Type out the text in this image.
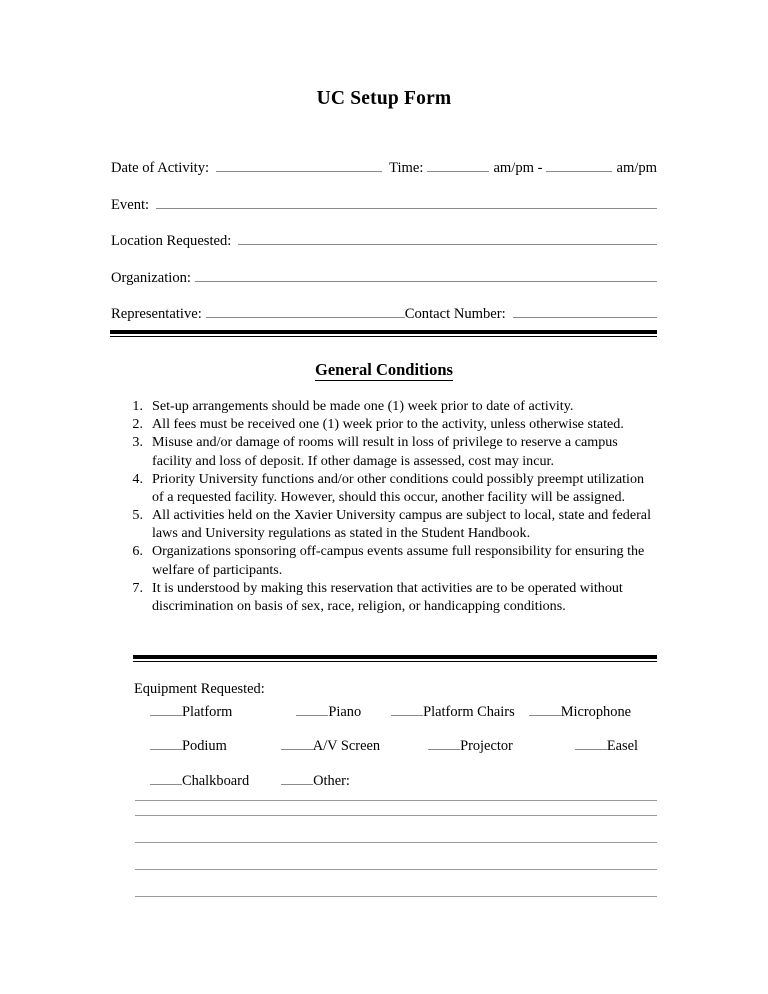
UC Setup Form
Date of Activity:	Time:	am/pm -	am/pm
Event:
Location Requested:
Organization:
Representative:	Contact Number:
General Conditions
1. Set-up arrangements should be made one (1) week prior to date of activity.
2. All fees must be received one (1) week prior to the activity, unless otherwise stated.
3. Misuse and/or damage of rooms will result in loss of privilege to reserve a campus facility and loss of deposit. If other damage is assessed, cost may incur.
4. Priority University functions and/or other conditions could possibly preempt utilization of a requested facility. However, should this occur, another facility will be assigned.
5. All activities held on the Xavier University campus are subject to local, state and federal laws and University regulations as stated in the Student Handbook.
6. Organizations sponsoring off-campus events assume full responsibility for ensuring the welfare of participants.
7. It is understood by making this reservation that activities are to be operated without discrimination on basis of sex, race, religion, or handicapping conditions.
Equipment Requested:
Platform	Piano	Platform Chairs	Microphone
Podium	A/V Screen	Projector	Easel
Chalkboard	Other:
